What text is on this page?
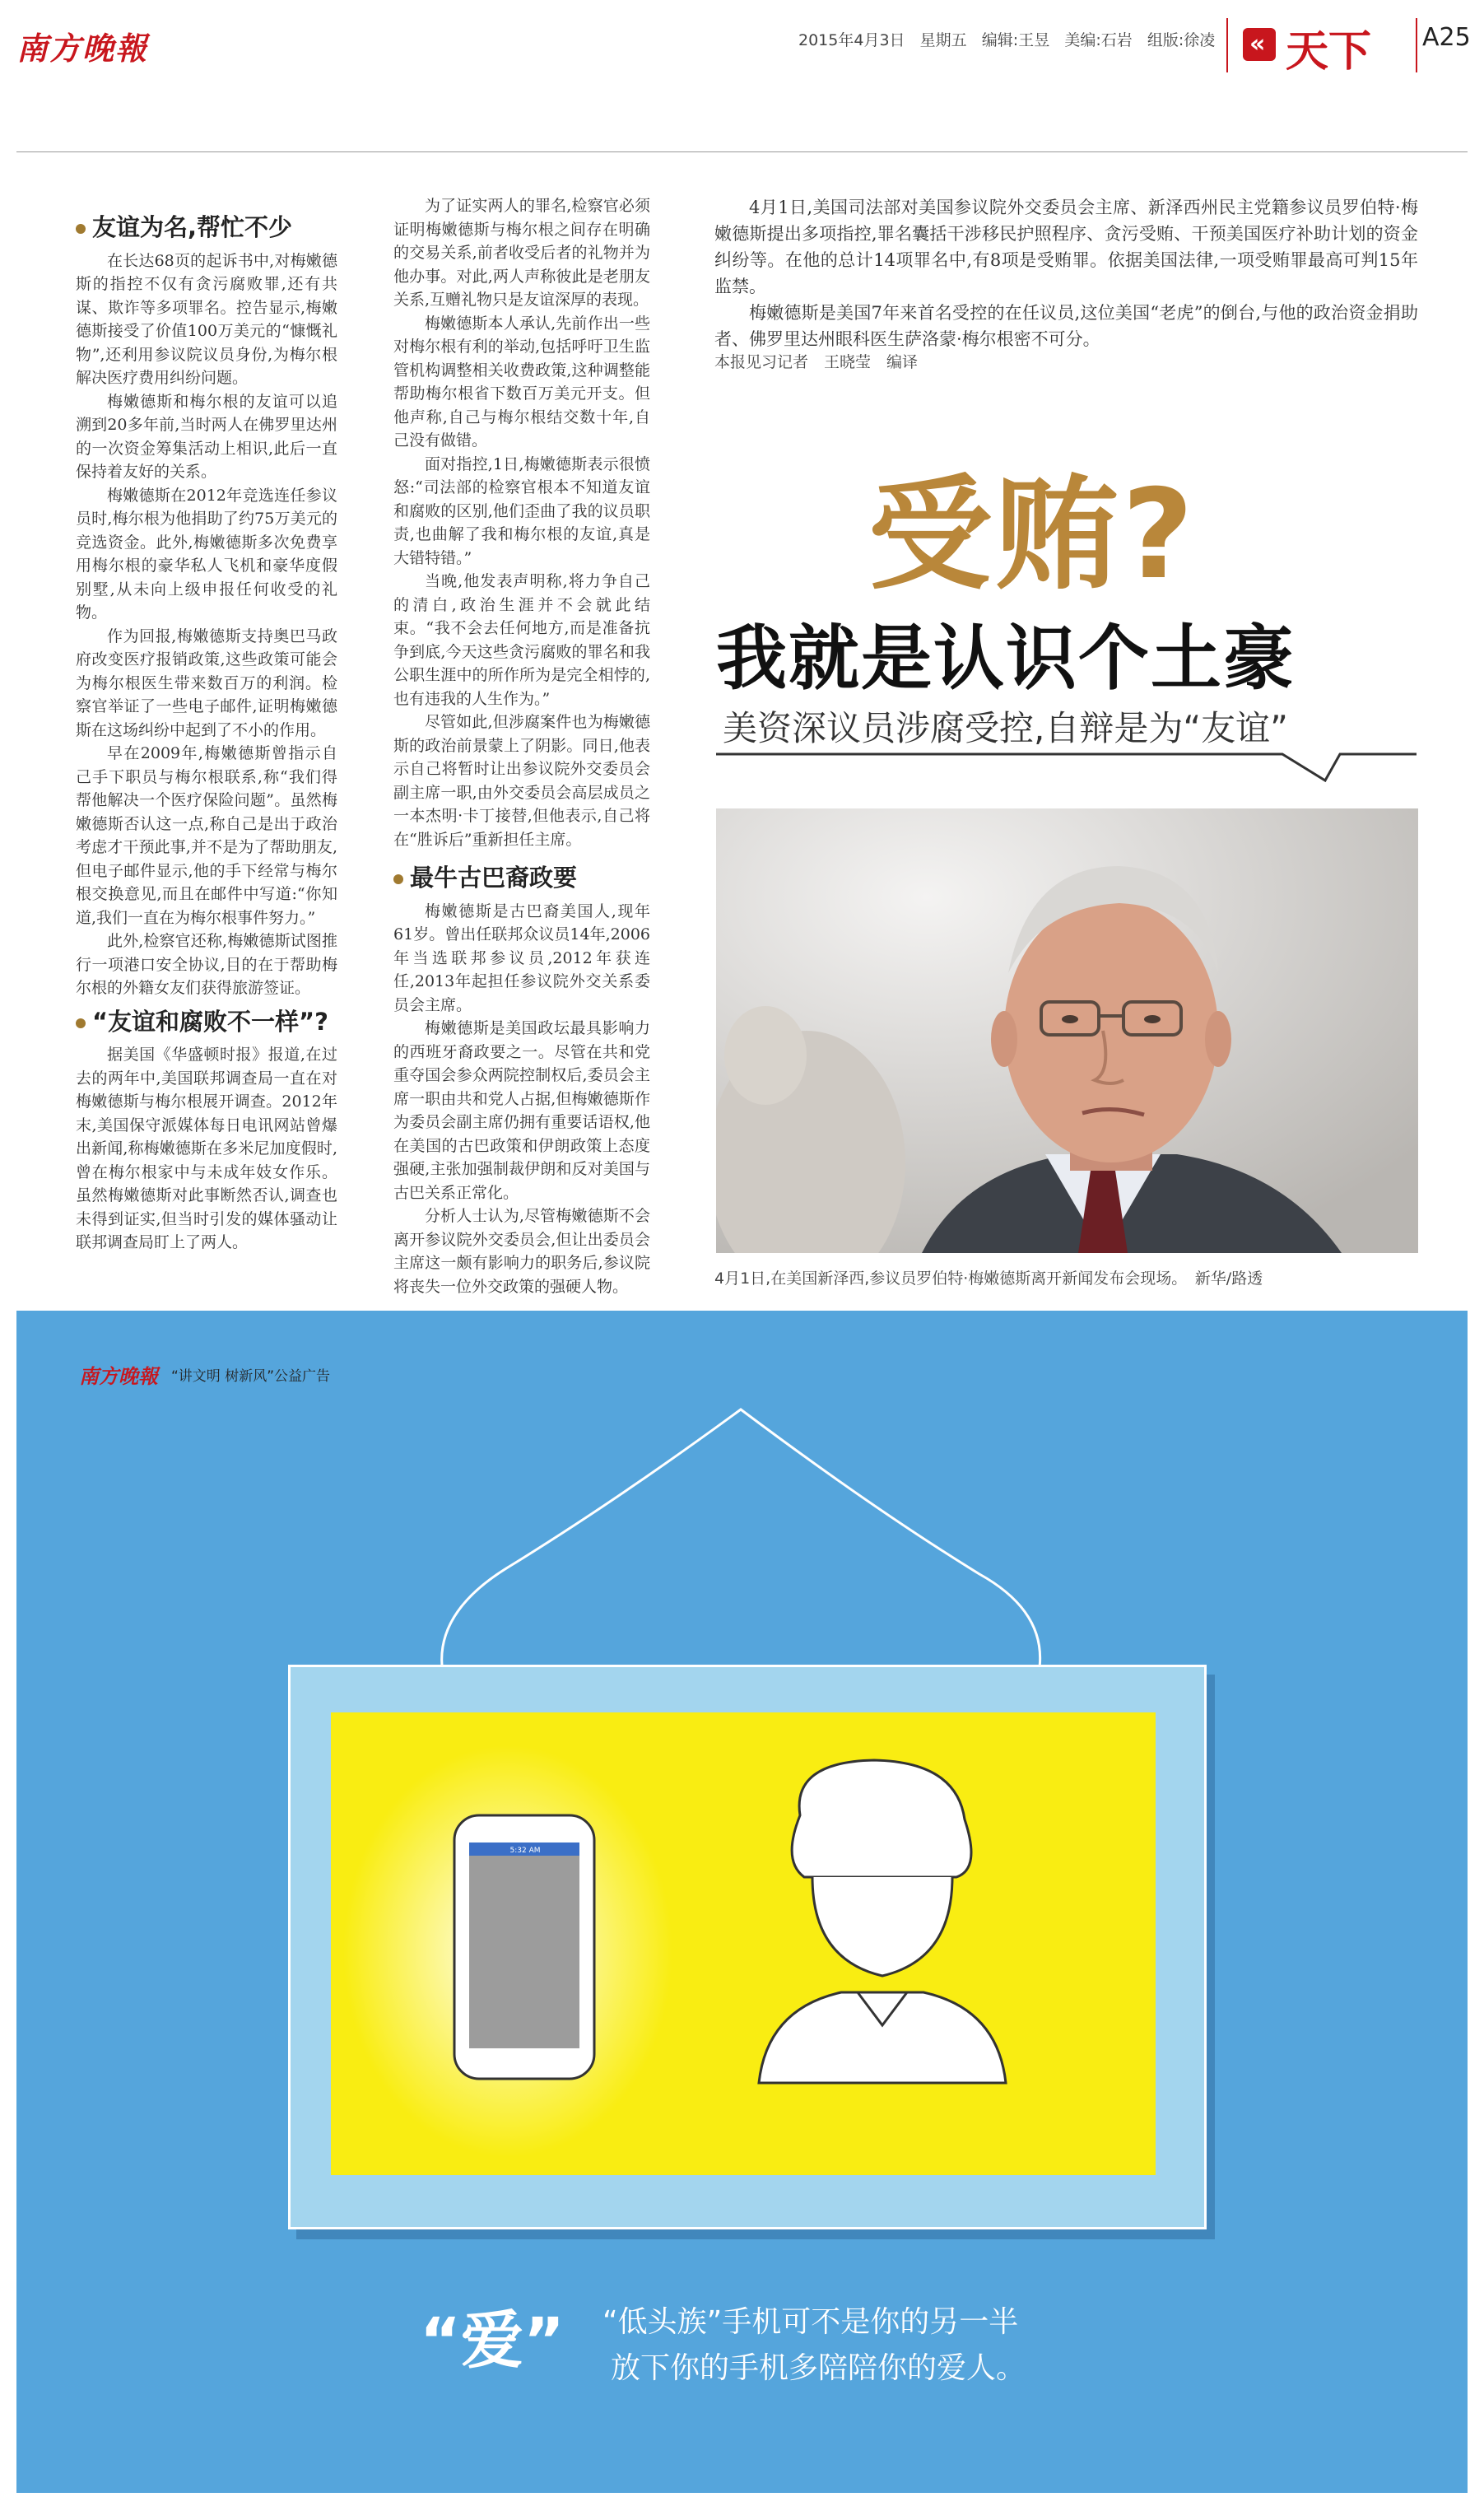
南方晚報	2015年4月3日 星期五 编辑:王昱 美编:石岩 组版:徐凌 « 天下 A25
友谊为名,帮忙不少

在长达68页的起诉书中,对梅嫩德斯的指控不仅有贪污腐败罪,还有共谋、欺诈等多项罪名。控告显示,梅嫩德斯接受了价值100万美元的“慷慨礼物”,还利用参议院议员身份,为梅尔根解决医疗费用纠纷问题。

梅嫩德斯和梅尔根的友谊可以追溯到20多年前,当时两人在佛罗里达州的一次资金筹集活动上相识,此后一直保持着友好的关系。

梅嫩德斯在2012年竞选连任参议员时,梅尔根为他捐助了约75万美元的竞选资金。此外,梅嫩德斯多次免费享用梅尔根的豪华私人飞机和豪华度假别墅,从未向上级申报任何收受的礼物。

作为回报,梅嫩德斯支持奥巴马政府改变医疗报销政策,这些政策可能会为梅尔根医生带来数百万的利润。检察官举证了一些电子邮件,证明梅嫩德斯在这场纠纷中起到了不小的作用。

早在2009年,梅嫩德斯曾指示自己手下职员与梅尔根联系,称“我们得帮他解决一个医疗保险问题”。虽然梅嫩德斯否认这一点,称自己是出于政治考虑才干预此事,并不是为了帮助朋友,但电子邮件显示,他的手下经常与梅尔根交换意见,而且在邮件中写道:“你知道,我们一直在为梅尔根事件努力。”

此外,检察官还称,梅嫩德斯试图推行一项港口安全协议,目的在于帮助梅尔根的外籍女友们获得旅游签证。

“友谊和腐败不一样”?

据美国《华盛顿时报》报道,在过去的两年中,美国联邦调查局一直在对梅嫩德斯与梅尔根展开调查。2012年末,美国保守派媒体每日电讯网站曾爆出新闻,称梅嫩德斯在多米尼加度假时,曾在梅尔根家中与未成年妓女作乐。虽然梅嫩德斯对此事断然否认,调查也未得到证实,但当时引发的媒体骚动让联邦调查局盯上了两人。

为了证实两人的罪名,检察官必须证明梅嫩德斯与梅尔根之间存在明确的交易关系,前者收受后者的礼物并为他办事。对此,两人声称彼此是老朋友关系,互赠礼物只是友谊深厚的表现。

梅嫩德斯本人承认,先前作出一些对梅尔根有利的举动,包括呼吁卫生监管机构调整相关收费政策,这种调整能帮助梅尔根省下数百万美元开支。但他声称,自己与梅尔根结交数十年,自己没有做错。

面对指控,1日,梅嫩德斯表示很愤怒:“司法部的检察官根本不知道友谊和腐败的区别,他们歪曲了我的议员职责,也曲解了我和梅尔根的友谊,真是大错特错。”

当晚,他发表声明称,将力争自己的清白,政治生涯并不会就此结束。“我不会去任何地方,而是准备抗争到底,今天这些贪污腐败的罪名和我公职生涯中的所作所为是完全相悖的,也有违我的人生作为。”

尽管如此,但涉腐案件也为梅嫩德斯的政治前景蒙上了阴影。同日,他表示自己将暂时让出参议院外交委员会副主席一职,由外交委员会高层成员之一本杰明·卡丁接替,但他表示,自己将在“胜诉后”重新担任主席。

最牛古巴裔政要

梅嫩德斯是古巴裔美国人,现年61岁。曾出任联邦众议员14年,2006年当选联邦参议员,2012年获连任,2013年起担任参议院外交关系委员会主席。

梅嫩德斯是美国政坛最具影响力的西班牙裔政要之一。尽管在共和党重夺国会参众两院控制权后,委员会主席一职由共和党人占据,但梅嫩德斯作为委员会副主席仍拥有重要话语权,他在美国的古巴政策和伊朗政策上态度强硬,主张加强制裁伊朗和反对美国与古巴关系正常化。

分析人士认为,尽管梅嫩德斯不会离开参议院外交委员会,但让出委员会主席这一颇有影响力的职务后,参议院将丧失一位外交政策的强硬人物。

4月1日,美国司法部对美国参议院外交委员会主席、新泽西州民主党籍参议员罗伯特·梅嫩德斯提出多项指控,罪名囊括干涉移民护照程序、贪污受贿、干预美国医疗补助计划的资金纠纷等。在他的总计14项罪名中,有8项是受贿罪。依据美国法律,一项受贿罪最高可判15年监禁。

梅嫩德斯是美国7年来首名受控的在任议员,这位美国“老虎”的倒台,与他的政治资金捐助者、佛罗里达州眼科医生萨洛蒙·梅尔根密不可分。

本报见习记者　王晓莹　编译
受贿?
我就是认识个土豪
美资深议员涉腐受控,自辩是为“友谊”
4月1日,在美国新泽西,参议员罗伯特·梅嫩德斯离开新闻发布会现场。　新华/路透
南方晚報 “讲文明 树新风”公益广告
5:32 AM
“爱” “低头族”手机可不是你的另一半
放下你的手机多陪陪你的爱人。
